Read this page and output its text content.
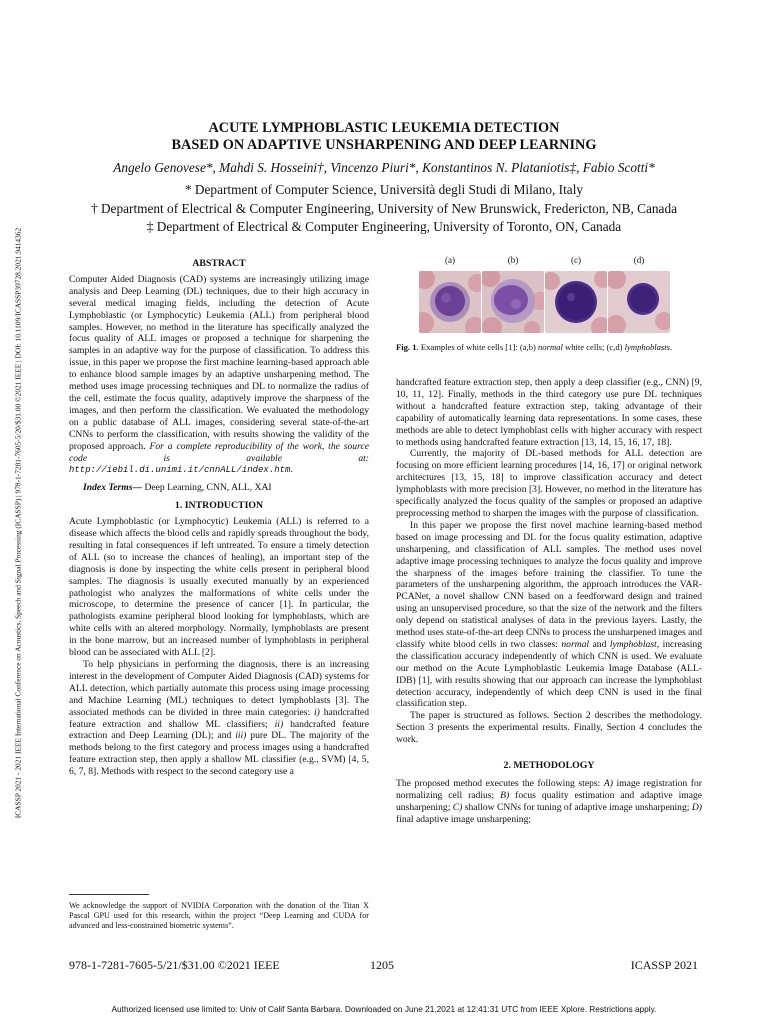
ICASSP 2021 - 2021 IEEE International Conference on Acoustics, Speech and Signal Processing (ICASSP) | 978-1-7281-7605-5/20/$31.00 ©2021 IEEE | DOI: 10.1109/ICASSP39728.2021.9414362
ACUTE LYMPHOBLASTIC LEUKEMIA DETECTION
BASED ON ADAPTIVE UNSHARPENING AND DEEP LEARNING
Angelo Genovese*, Mahdi S. Hosseini†, Vincenzo Piuri*, Konstantinos N. Plataniotis‡, Fabio Scotti*
* Department of Computer Science, Università degli Studi di Milano, Italy
† Department of Electrical & Computer Engineering, University of New Brunswick, Fredericton, NB, Canada
‡ Department of Electrical & Computer Engineering, University of Toronto, ON, Canada
ABSTRACT

Computer Aided Diagnosis (CAD) systems are increasingly utilizing image analysis and Deep Learning (DL) techniques, due to their high accuracy in several medical imaging fields, including the detection of Acute Lymphoblastic (or Lymphocytic) Leukemia (ALL) from peripheral blood samples. However, no method in the literature has specifically analyzed the focus quality of ALL images or proposed a technique for sharpening the samples in an adaptive way for the purpose of classification. To address this issue, in this paper we propose the first machine learning-based approach able to enhance blood sample images by an adaptive unsharpening method. The method uses image processing techniques and DL to normalize the radius of the cell, estimate the focus quality, adaptively improve the sharpness of the images, and then perform the classification. We evaluated the methodology on a public database of ALL images, considering several state-of-the-art CNNs to perform the classification, with results showing the validity of the proposed approach. For a complete reproducibility of the work, the source code is available at: http://iebil.di.unimi.it/cnnALL/index.htm.

Index Terms— Deep Learning, CNN, ALL, XAI

1. INTRODUCTION

Acute Lymphoblastic (or Lymphocytic) Leukemia (ALL) is referred to a disease which affects the blood cells and rapidly spreads throughout the body, resulting in fatal consequences if left untreated. To ensure a timely detection of ALL (so to increase the chances of healing), an important step of the diagnosis is done by inspecting the white cells present in peripheral blood samples. The diagnosis is usually executed manually by an experienced pathologist who analyzes the malformations of white cells under the microscope, to determine the presence of cancer [1]. In particular, the pathologists examine peripheral blood looking for lymphoblasts, which are white cells with an altered morphology. Normally, lymphoblasts are present in the bone marrow, but an increased number of lymphoblasts in peripheral blood can be associated with ALL [2].

To help physicians in performing the diagnosis, there is an increasing interest in the development of Computer Aided Diagnosis (CAD) systems for ALL detection, which partially automate this process using image processing and Machine Learning (ML) techniques to detect lymphoblasts [3]. The associated methods can be divided in three main categories: i) handcrafted feature extraction and shallow ML classifiers; ii) handcrafted feature extraction and Deep Learning (DL); and iii) pure DL. The majority of the methods belong to the first category and process images using a handcrafted feature extraction step, then apply a shallow ML classifier (e.g., SVM) [4, 5, 6, 7, 8]. Methods with respect to the second category use a

We acknowledge the support of NVIDIA Corporation with the donation of the Titan X Pascal GPU used for this research, within the project “Deep Learning and CUDA for advanced and less-constrained biometric systems”.
(a)	(b)	(c)	(d)

Fig. 1. Examples of white cells [1]: (a,b) normal white cells; (c,d) lymphoblasts.

handcrafted feature extraction step, then apply a deep classifier (e.g., CNN) [9, 10, 11, 12]. Finally, methods in the third category use pure DL techniques without a handcrafted feature extraction step, taking advantage of their capability of automatically learning data representations. In some cases, these methods are able to detect lymphoblast cells with higher accuracy with respect to methods using handcrafted feature extraction [13, 14, 15, 16, 17, 18].

Currently, the majority of DL-based methods for ALL detection are focusing on more efficient learning procedures [14, 16, 17] or original network architectures [13, 15, 18] to improve classification accuracy and detect lymphoblasts with more precision [3]. However, no method in the literature has specifically analyzed the focus quality of the samples or proposed an adaptive preprocessing method to sharpen the images with the purpose of classification.

In this paper we propose the first novel machine learning-based method based on image processing and DL for the focus quality estimation, adaptive unsharpening, and classification of ALL samples. The method uses novel adaptive image processing techniques to analyze the focus quality and improve the sharpness of the images before training the classifier. To tune the parameters of the unsharpening algorithm, the approach introduces the VAR-PCANet, a novel shallow CNN based on a feedforward design and trained using an unsupervised procedure, so that the size of the network and the filters only depend on statistical analyses of data in the previous layers. Lastly, the method uses state-of-the-art deep CNNs to process the unsharpened images and classify white blood cells in two classes: normal and lymphoblast, increasing the classification accuracy independently of which CNN is used. We evaluate our method on the Acute Lymphoblastic Leukemia Image Database (ALL-IDB) [1], with results showing that our approach can increase the lymphoblast detection accuracy, independently of which deep CNN is used in the final classification step.

The paper is structured as follows. Section 2 describes the methodology. Section 3 presents the experimental results. Finally, Section 4 concludes the work.

2. METHODOLOGY

The proposed method executes the following steps: A) image registration for normalizing cell radius; B) focus quality estimation and adaptive image unsharpening; C) shallow CNNs for tuning of adaptive image unsharpening; D) final adaptive image unsharpening;

978-1-7281-7605-5/21/$31.00 ©2021 IEEE	1205	ICASSP 2021
Authorized licensed use limited to: Univ of Calif Santa Barbara. Downloaded on June 21,2021 at 12:41:31 UTC from IEEE Xplore. Restrictions apply.
